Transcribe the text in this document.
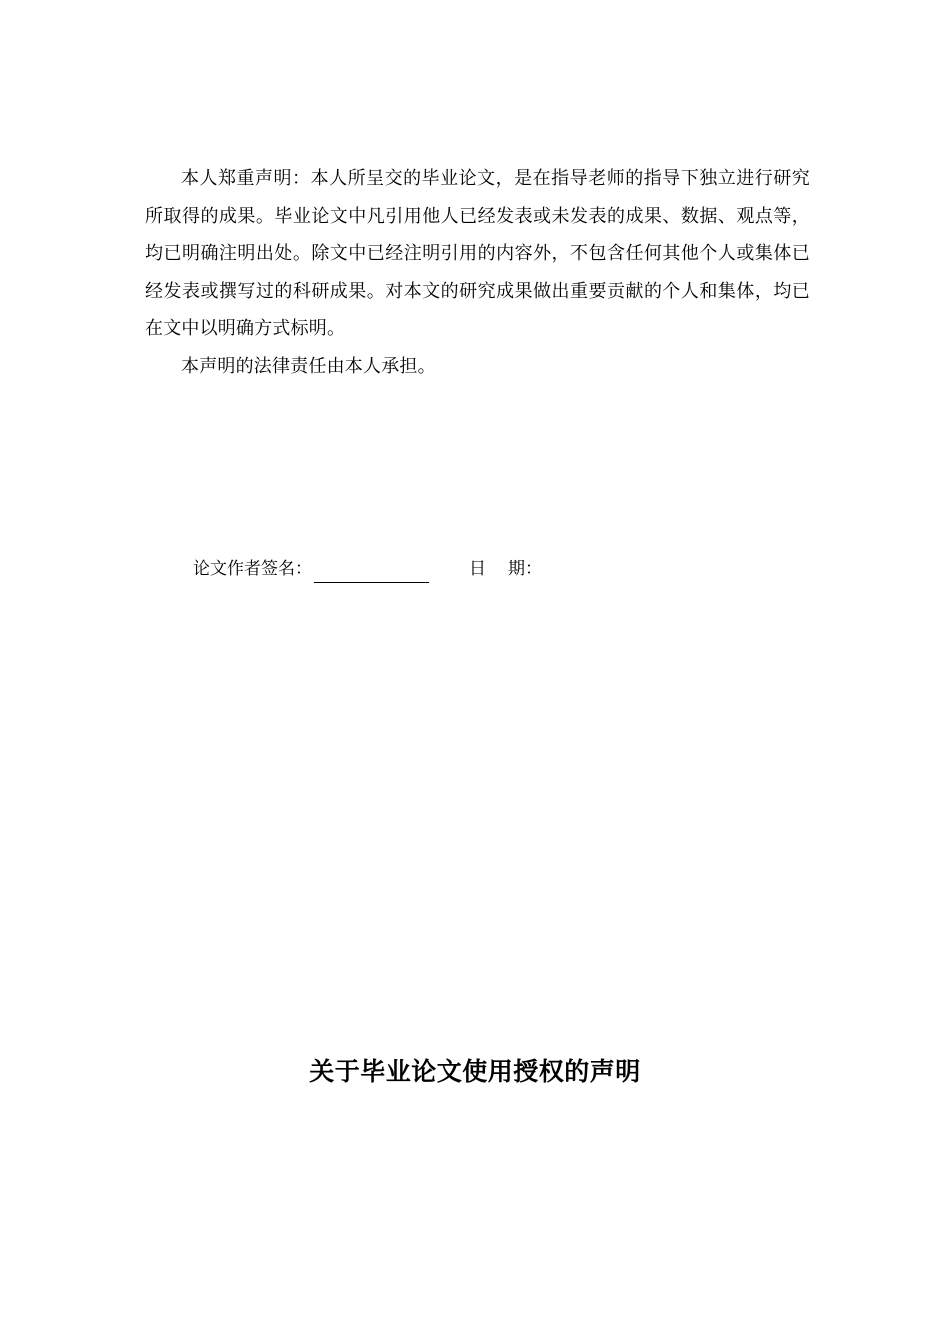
本人郑重声明：本人所呈交的毕业论文，是在指导老师的指导下独立进行研究所取得的成果。毕业论文中凡引用他人已经发表或未发表的成果、数据、观点等，均已明确注明出处。除文中已经注明引用的内容外，不包含任何其他个人或集体已经发表或撰写过的科研成果。对本文的研究成果做出重要贡献的个人和集体，均已在文中以明确方式标明。

本声明的法律责任由本人承担。

论文作者签名：	日 期：
关于毕业论文使用授权的声明
